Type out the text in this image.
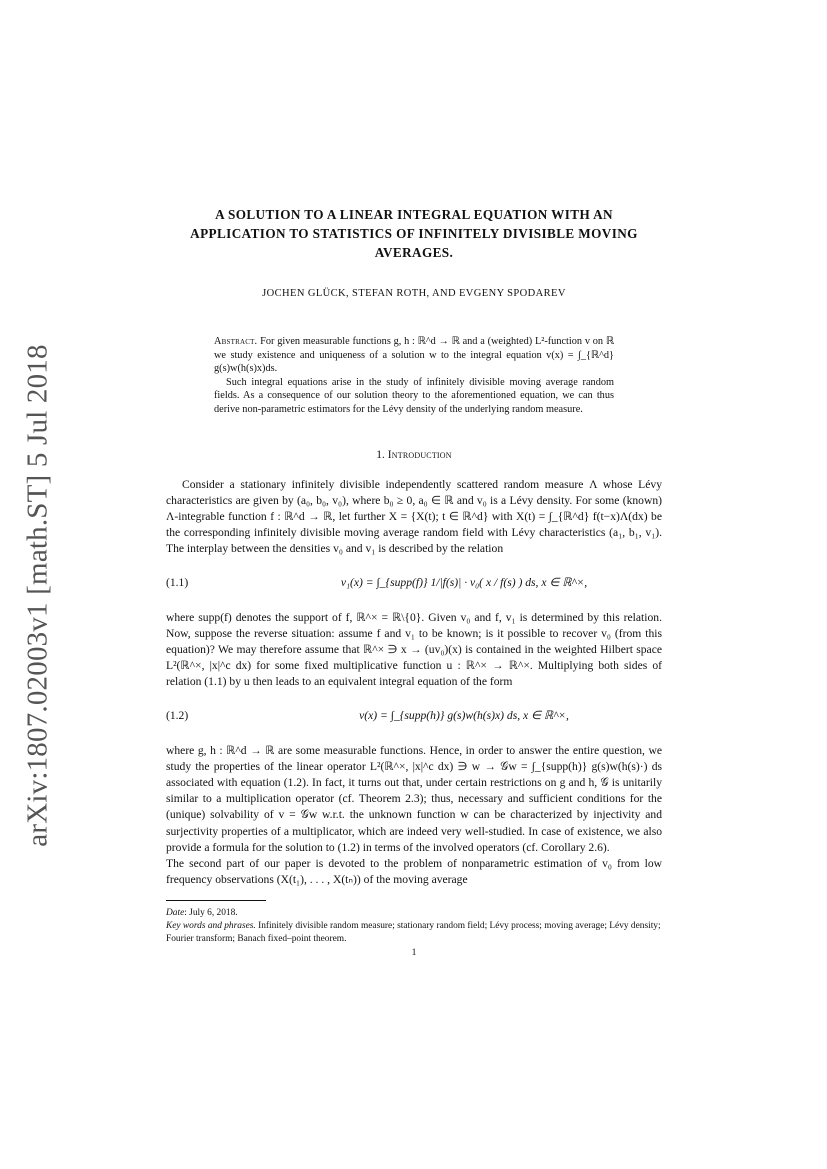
arXiv:1807.02003v1 [math.ST] 5 Jul 2018
A SOLUTION TO A LINEAR INTEGRAL EQUATION WITH AN APPLICATION TO STATISTICS OF INFINITELY DIVISIBLE MOVING AVERAGES.
JOCHEN GLÜCK, STEFAN ROTH, AND EVGENY SPODAREV

Abstract. For given measurable functions g, h : ℝ^d → ℝ and a (weighted) L²-function v on ℝ we study existence and uniqueness of a solution w to the integral equation v(x) = ∫_{ℝ^d} g(s)w(h(s)x)ds.

Such integral equations arise in the study of infinitely divisible moving average random fields. As a consequence of our solution theory to the aforementioned equation, we can thus derive non-parametric estimators for the Lévy density of the underlying random measure.

1. Introduction

Consider a stationary infinitely divisible independently scattered random measure Λ whose Lévy characteristics are given by (a₀, b₀, v₀), where b₀ ≥ 0, a₀ ∈ ℝ and v₀ is a Lévy density. For some (known) Λ-integrable function f : ℝ^d → ℝ, let further X = {X(t); t ∈ ℝ^d} with X(t) = ∫_{ℝ^d} f(t−x)Λ(dx) be the corresponding infinitely divisible moving average random field with Lévy characteristics (a₁, b₁, v₁). The interplay between the densities v₀ and v₁ is described by the relation

(1.1)	v₁(x) = ∫_{supp(f)} 1/|f(s)| · v₀( x / f(s) ) ds, x ∈ ℝ^×,

where supp(f) denotes the support of f, ℝ^× = ℝ\{0}. Given v₀ and f, v₁ is determined by this relation. Now, suppose the reverse situation: assume f and v₁ to be known; is it possible to recover v₀ (from this equation)? We may therefore assume that ℝ^× ∋ x → (uv₀)(x) is contained in the weighted Hilbert space L²(ℝ^×, |x|^c dx) for some fixed multiplicative function u : ℝ^× → ℝ^×. Multiplying both sides of relation (1.1) by u then leads to an equivalent integral equation of the form

(1.2)	v(x) = ∫_{supp(h)} g(s)w(h(s)x) ds, x ∈ ℝ^×,

where g, h : ℝ^d → ℝ are some measurable functions. Hence, in order to answer the entire question, we study the properties of the linear operator L²(ℝ^×, |x|^c dx) ∋ w → 𝒢w = ∫_{supp(h)} g(s)w(h(s)·) ds associated with equation (1.2). In fact, it turns out that, under certain restrictions on g and h, 𝒢 is unitarily similar to a multiplication operator (cf. Theorem 2.3); thus, necessary and sufficient conditions for the (unique) solvability of v = 𝒢w w.r.t. the unknown function w can be characterized by injectivity and surjectivity properties of a multiplicator, which are indeed very well-studied. In case of existence, we also provide a formula for the solution to (1.2) in terms of the involved operators (cf. Corollary 2.6).

The second part of our paper is devoted to the problem of nonparametric estimation of v₀ from low frequency observations (X(t₁), . . . , X(tₙ)) of the moving average

Date: July 6, 2018.
Key words and phrases. Infinitely divisible random measure; stationary random field; Lévy process; moving average; Lévy density; Fourier transform; Banach fixed–point theorem.
1
